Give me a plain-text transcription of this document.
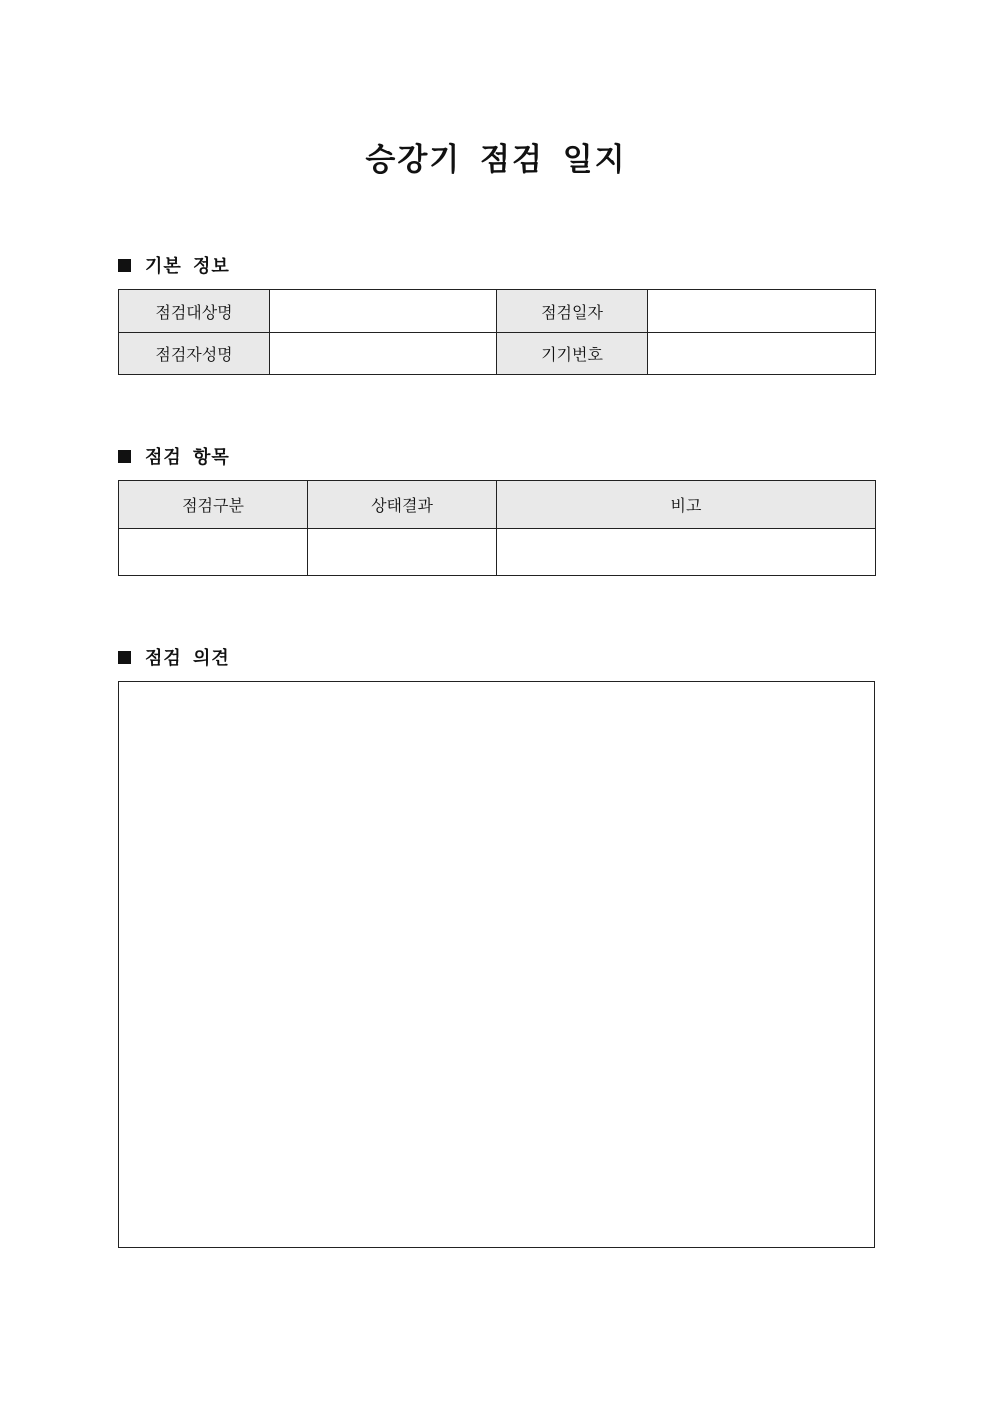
승강기 점검 일지
기본 정보
점검대상명		점검일자	
점검자성명		기기번호	
점검 항목
점검구분	상태결과	비고

점검 의견
